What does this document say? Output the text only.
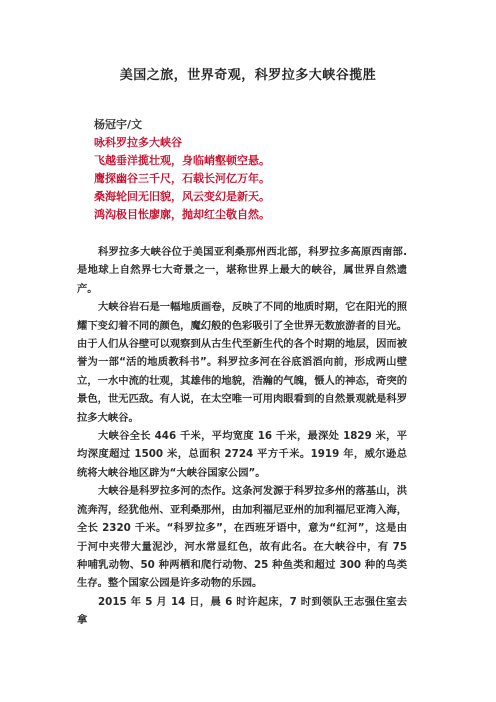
美国之旅，世界奇观，科罗拉多大峡谷揽胜
杨冠宇/文
咏科罗拉多大峡谷
飞越垂洋揽壮观，身临峭壑顿空悬。
鹰探幽谷三千尺，石载长河亿万年。
桑海轮回无旧貌，风云变幻是新天。
鸿沟极目怅廖廓，抛却红尘敬自然。

科罗拉多大峡谷位于美国亚利桑那州西北部，科罗拉多高原西南部.是地球上自然界七大奇景之一，堪称世界上最大的峡谷，属世界自然遗产。

大峡谷岩石是一幅地质画卷，反映了不同的地质时期，它在阳光的照耀下变幻着不同的颜色，魔幻般的色彩吸引了全世界无数旅游者的目光。由于人们从谷壁可以观察到从古生代至新生代的各个时期的地层，因而被誉为一部“活的地质教科书”。科罗拉多河在谷底滔滔向前，形成两山壁立，一水中流的壮观，其雄伟的地貌，浩瀚的气魄，慑人的神态，奇突的景色，世无匹敌。有人说，在太空唯一可用肉眼看到的自然景观就是科罗拉多大峡谷。

大峡谷全长 446 千米，平均宽度 16 千米，最深处 1829 米，平均深度超过 1500 米，总面积 2724 平方千米。1919 年，威尔逊总统将大峡谷地区辟为“大峡谷国家公园”。

大峡谷是科罗拉多河的杰作。这条河发源于科罗拉多州的落基山，洪流奔泻，经犹他州、亚利桑那州，由加利福尼亚州的加利福尼亚湾入海，全长 2320 千米。“科罗拉多”，在西班牙语中，意为“红河”，这是由于河中夹带大量泥沙，河水常显红色，故有此名。在大峡谷中，有 75 种哺乳动物、50 种两栖和爬行动物、25 种鱼类和超过 300 种的鸟类生存。整个国家公园是许多动物的乐园。

2015 年 5 月 14 日，晨 6 时许起床，7 时到领队王志强住室去拿
